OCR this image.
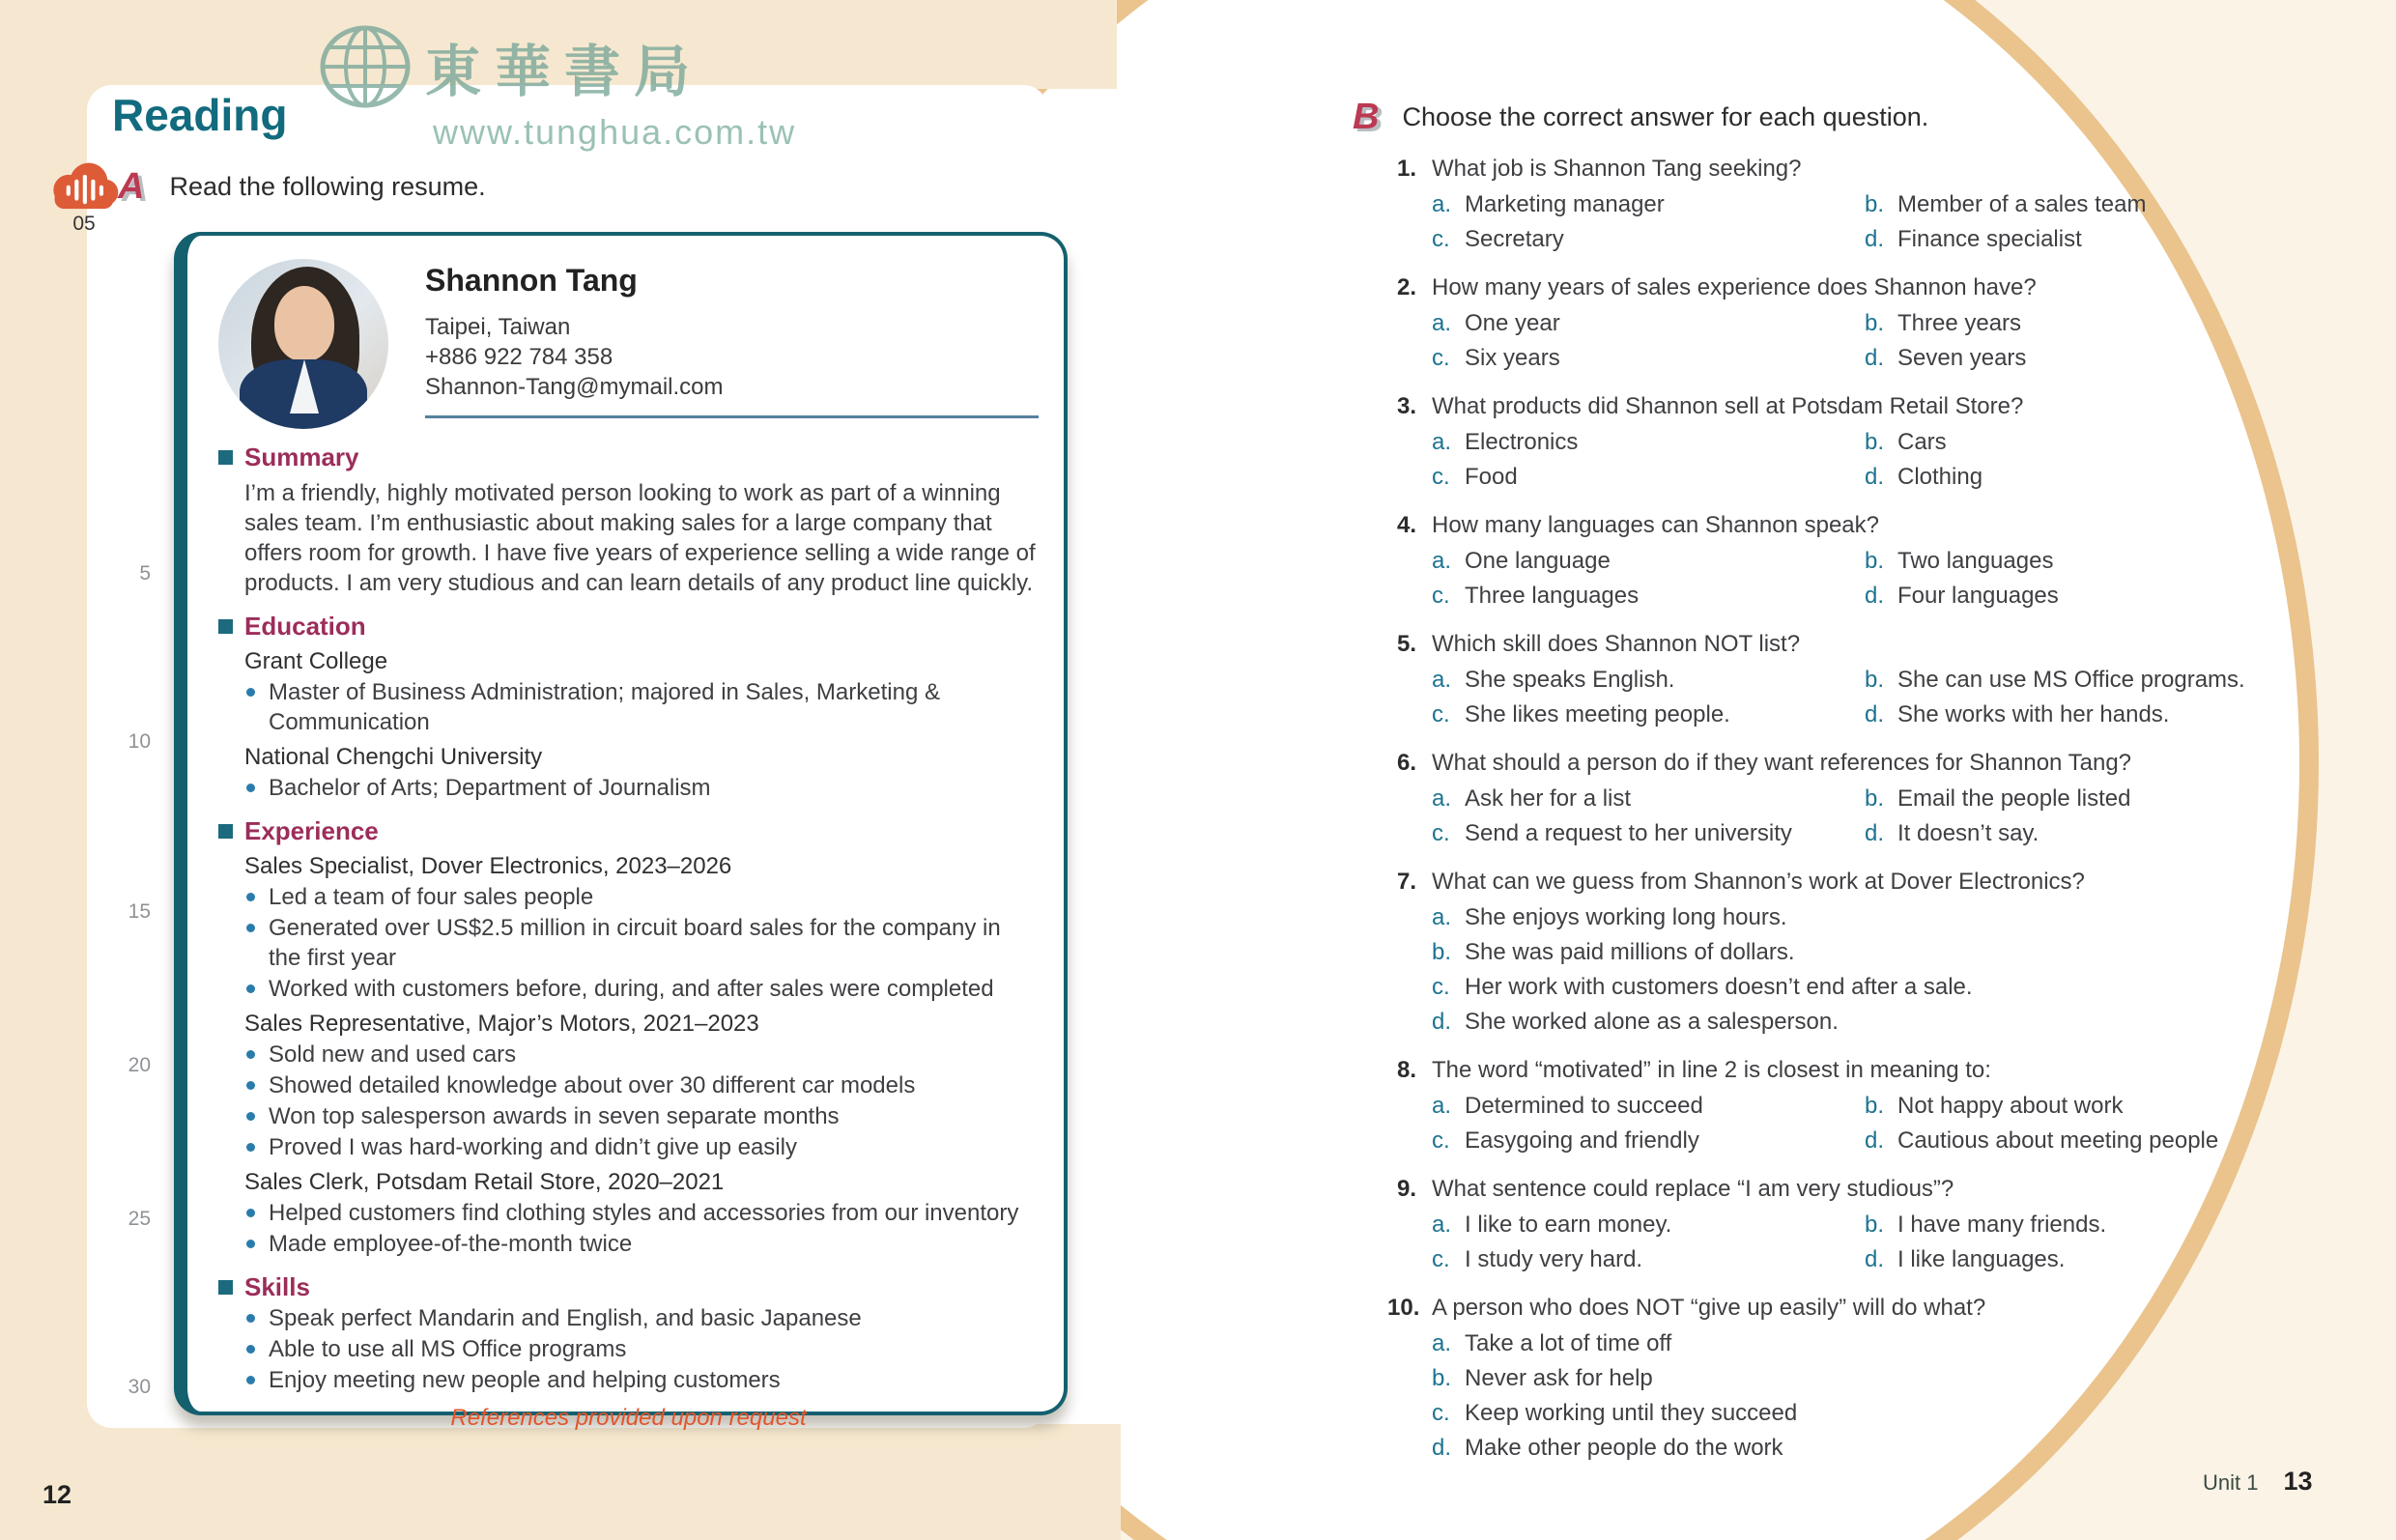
Reading
東華書局
www.tunghua.com.tw
05
A Read the following resume.
5
10
15
20
25
30
Shannon Tang
Taipei, Taiwan
+886 922 784 358
Shannon-Tang@mymail.com
Summary
I’m a friendly, highly motivated person looking to work as part of a winning sales team. I’m enthusiastic about making sales for a large company that offers room for growth. I have five years of experience selling a wide range of products. I am very studious and can learn details of any product line quickly.
Education
Grant College
Master of Business Administration; majored in Sales, Marketing & Communication
National Chengchi University
Bachelor of Arts; Department of Journalism
Experience
Sales Specialist, Dover Electronics, 2023–2026
Led a team of four sales people
Generated over US$2.5 million in circuit board sales for the company in the first year
Worked with customers before, during, and after sales were completed
Sales Representative, Major’s Motors, 2021–2023
Sold new and used cars
Showed detailed knowledge about over 30 different car models
Won top salesperson awards in seven separate months
Proved I was hard-working and didn’t give up easily
Sales Clerk, Potsdam Retail Store, 2020–2021
Helped customers find clothing styles and accessories from our inventory
Made employee-of-the-month twice
Skills
Speak perfect Mandarin and English, and basic Japanese
Able to use all MS Office programs
Enjoy meeting new people and helping customers
References provided upon request
12
B Choose the correct answer for each question.
1. What job is Shannon Tang seeking?
a. Marketing manager	b. Member of a sales team
c. Secretary	d. Finance specialist
2. How many years of sales experience does Shannon have?
a. One year	b. Three years
c. Six years	d. Seven years
3. What products did Shannon sell at Potsdam Retail Store?
a. Electronics	b. Cars
c. Food	d. Clothing
4. How many languages can Shannon speak?
a. One language	b. Two languages
c. Three languages	d. Four languages
5. Which skill does Shannon NOT list?
a. She speaks English.	b. She can use MS Office programs.
c. She likes meeting people.	d. She works with her hands.
6. What should a person do if they want references for Shannon Tang?
a. Ask her for a list	b. Email the people listed
c. Send a request to her university	d. It doesn’t say.
7. What can we guess from Shannon’s work at Dover Electronics?
a. She enjoys working long hours.
b. She was paid millions of dollars.
c. Her work with customers doesn’t end after a sale.
d. She worked alone as a salesperson.
8. The word “motivated” in line 2 is closest in meaning to:
a. Determined to succeed	b. Not happy about work
c. Easygoing and friendly	d. Cautious about meeting people
9. What sentence could replace “I am very studious”?
a. I like to earn money.	b. I have many friends.
c. I study very hard.	d. I like languages.
10. A person who does NOT “give up easily” will do what?
a. Take a lot of time off
b. Never ask for help
c. Keep working until they succeed
d. Make other people do the work
Unit 1 13
